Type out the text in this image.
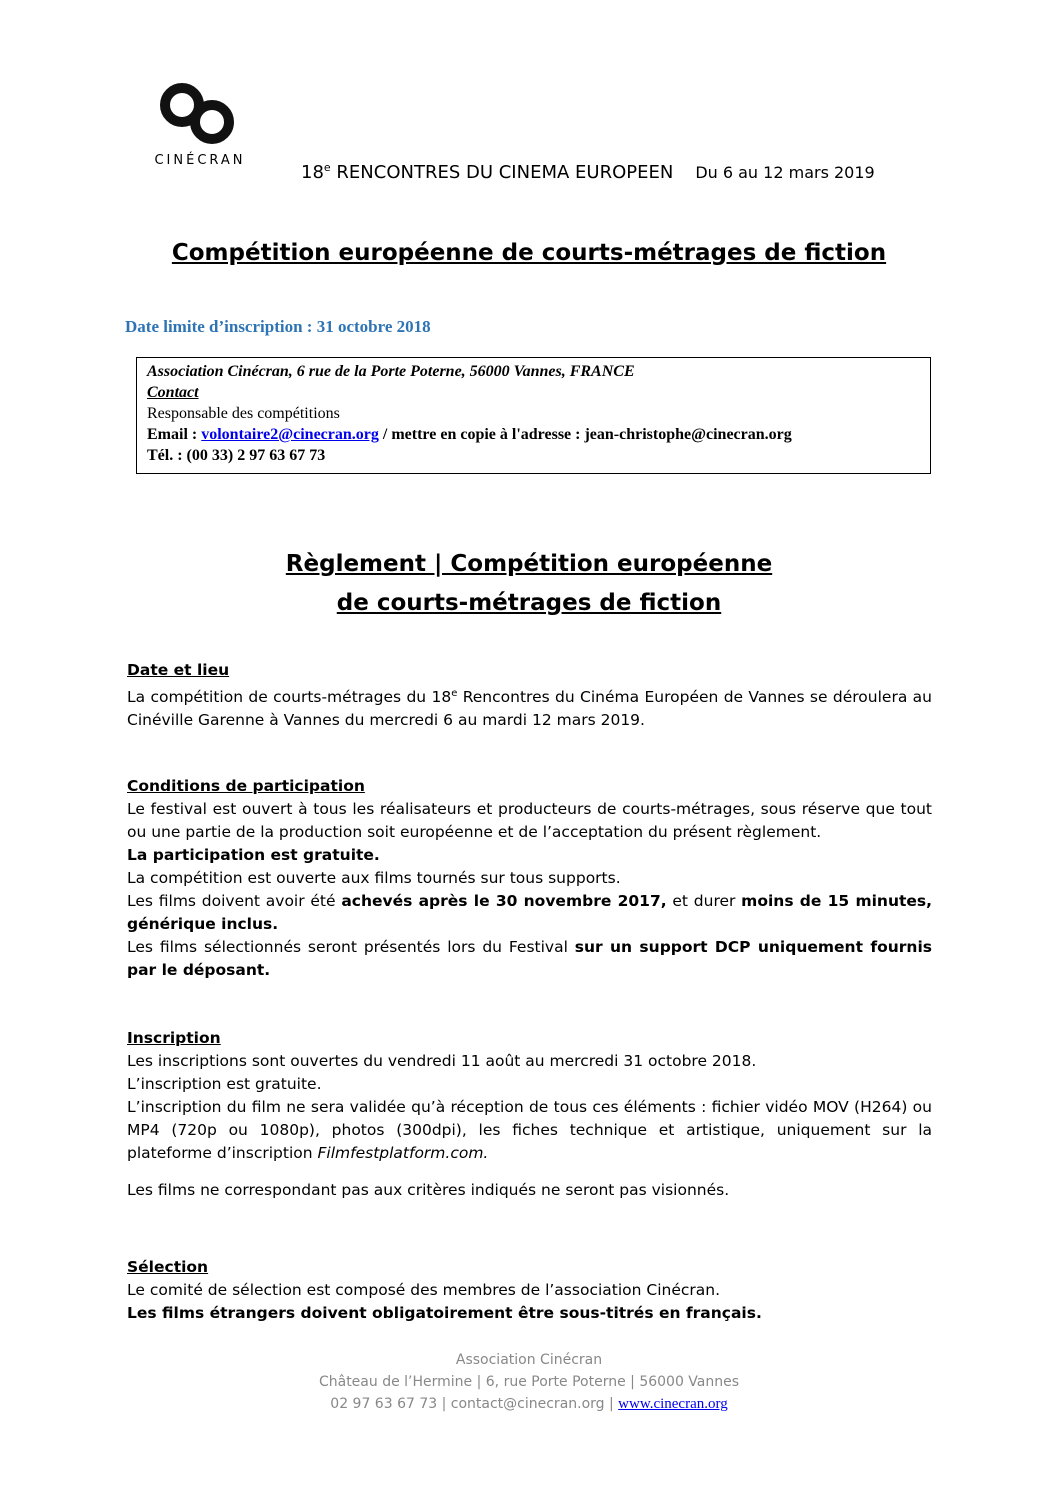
CINÉCRAN
18e RENCONTRES DU CINEMA EUROPEEN Du 6 au 12 mars 2019
Compétition européenne de courts-métrages de fiction
Date limite d’inscription : 31 octobre 2018
Association Cinécran, 6 rue de la Porte Poterne, 56000 Vannes, FRANCE
Contact
Responsable des compétitions
Email : volontaire2@cinecran.org / mettre en copie à l'adresse : jean-christophe@cinecran.org
Tél. : (00 33) 2 97 63 67 73
Règlement | Compétition européenne
de courts-métrages de fiction
Date et lieu
La compétition de courts-métrages du 18e Rencontres du Cinéma Européen de Vannes se déroulera au Cinéville Garenne à Vannes du mercredi 6 au mardi 12 mars 2019.
Conditions de participation
Le festival est ouvert à tous les réalisateurs et producteurs de courts-métrages, sous réserve que tout ou une partie de la production soit européenne et de l’acceptation du présent règlement.
La participation est gratuite.
La compétition est ouverte aux films tournés sur tous supports.
Les films doivent avoir été achevés après le 30 novembre 2017, et durer moins de 15 minutes, générique inclus.
Les films sélectionnés seront présentés lors du Festival sur un support DCP uniquement fournis par le déposant.
Inscription
Les inscriptions sont ouvertes du vendredi 11 août au mercredi 31 octobre 2018.
L’inscription est gratuite.
L’inscription du film ne sera validée qu’à réception de tous ces éléments : fichier vidéo MOV (H264) ou MP4 (720p ou 1080p), photos (300dpi), les fiches technique et artistique, uniquement sur la plateforme d’inscription Filmfestplatform.com.
Les films ne correspondant pas aux critères indiqués ne seront pas visionnés.
Sélection
Le comité de sélection est composé des membres de l’association Cinécran.
Les films étrangers doivent obligatoirement être sous-titrés en français.
Association Cinécran
Château de l’Hermine | 6, rue Porte Poterne | 56000 Vannes
02 97 63 67 73 | contact@cinecran.org | www.cinecran.org
